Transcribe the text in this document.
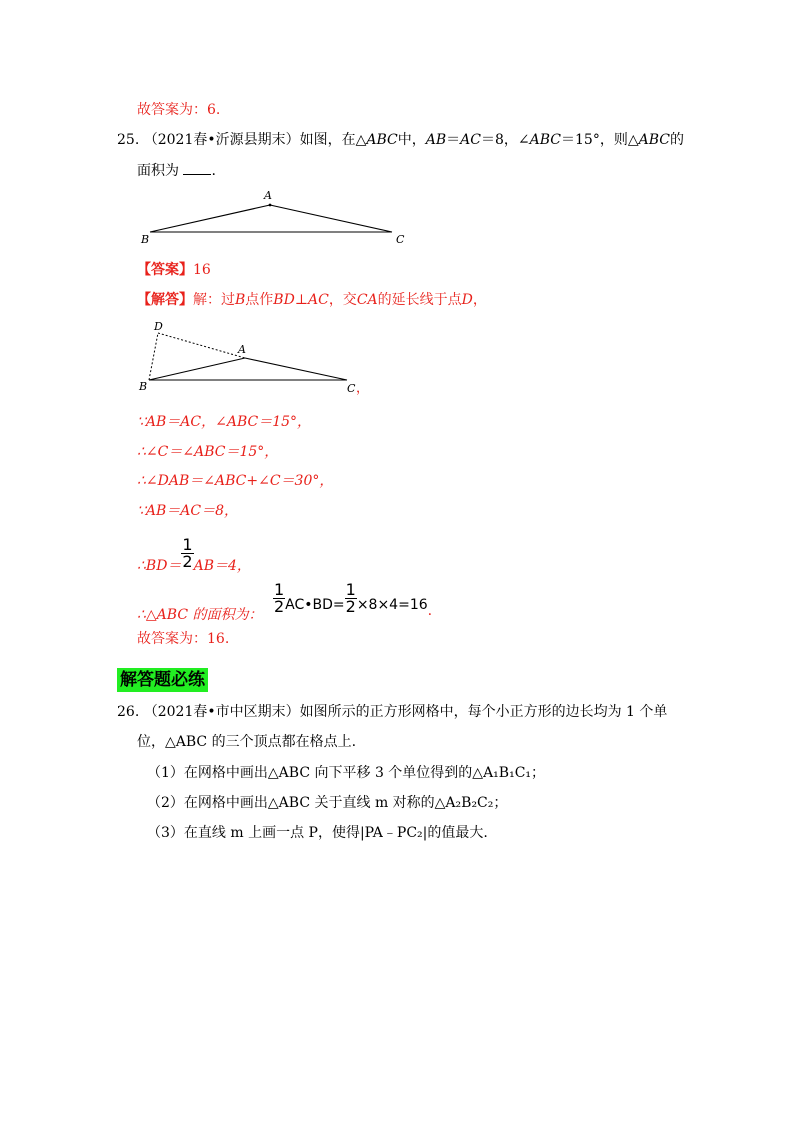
故答案为：6.
25. （2021春•沂源县期末）如图，在△ABC中，AB＝AC＝8，∠ABC＝15°，则△ABC的
面积为 .
A
B	C
【答案】16
【解答】解：过B点作BD⊥AC，交CA的延长线于点D，
D
A
B	C ，
∵AB＝AC，∠ABC＝15°，
∴∠C＝∠ABC＝15°，
∴∠DAB＝∠ABC+∠C＝30°，
∵AB＝AC＝8，
∴BD＝ $\frac{1}{2} AB=4$，
∴△ABC 的面积为： $\frac{1}{2}$ AC•BD= $\frac{1}{2} \times 8\times 4=16$.
故答案为：16.
解答题必练
26. （2021春•市中区期末）如图所示的正方形网格中，每个小正方形的边长均为 1 个单
位，△ABC 的三个顶点都在格点上.
（1）在网格中画出△ABC 向下平移 3 个单位得到的△A₁B₁C₁；
（2）在网格中画出△ABC 关于直线 m 对称的△A₂B₂C₂；
（3）在直线 m 上画一点 P，使得|PA﹣PC₂|的值最大.
